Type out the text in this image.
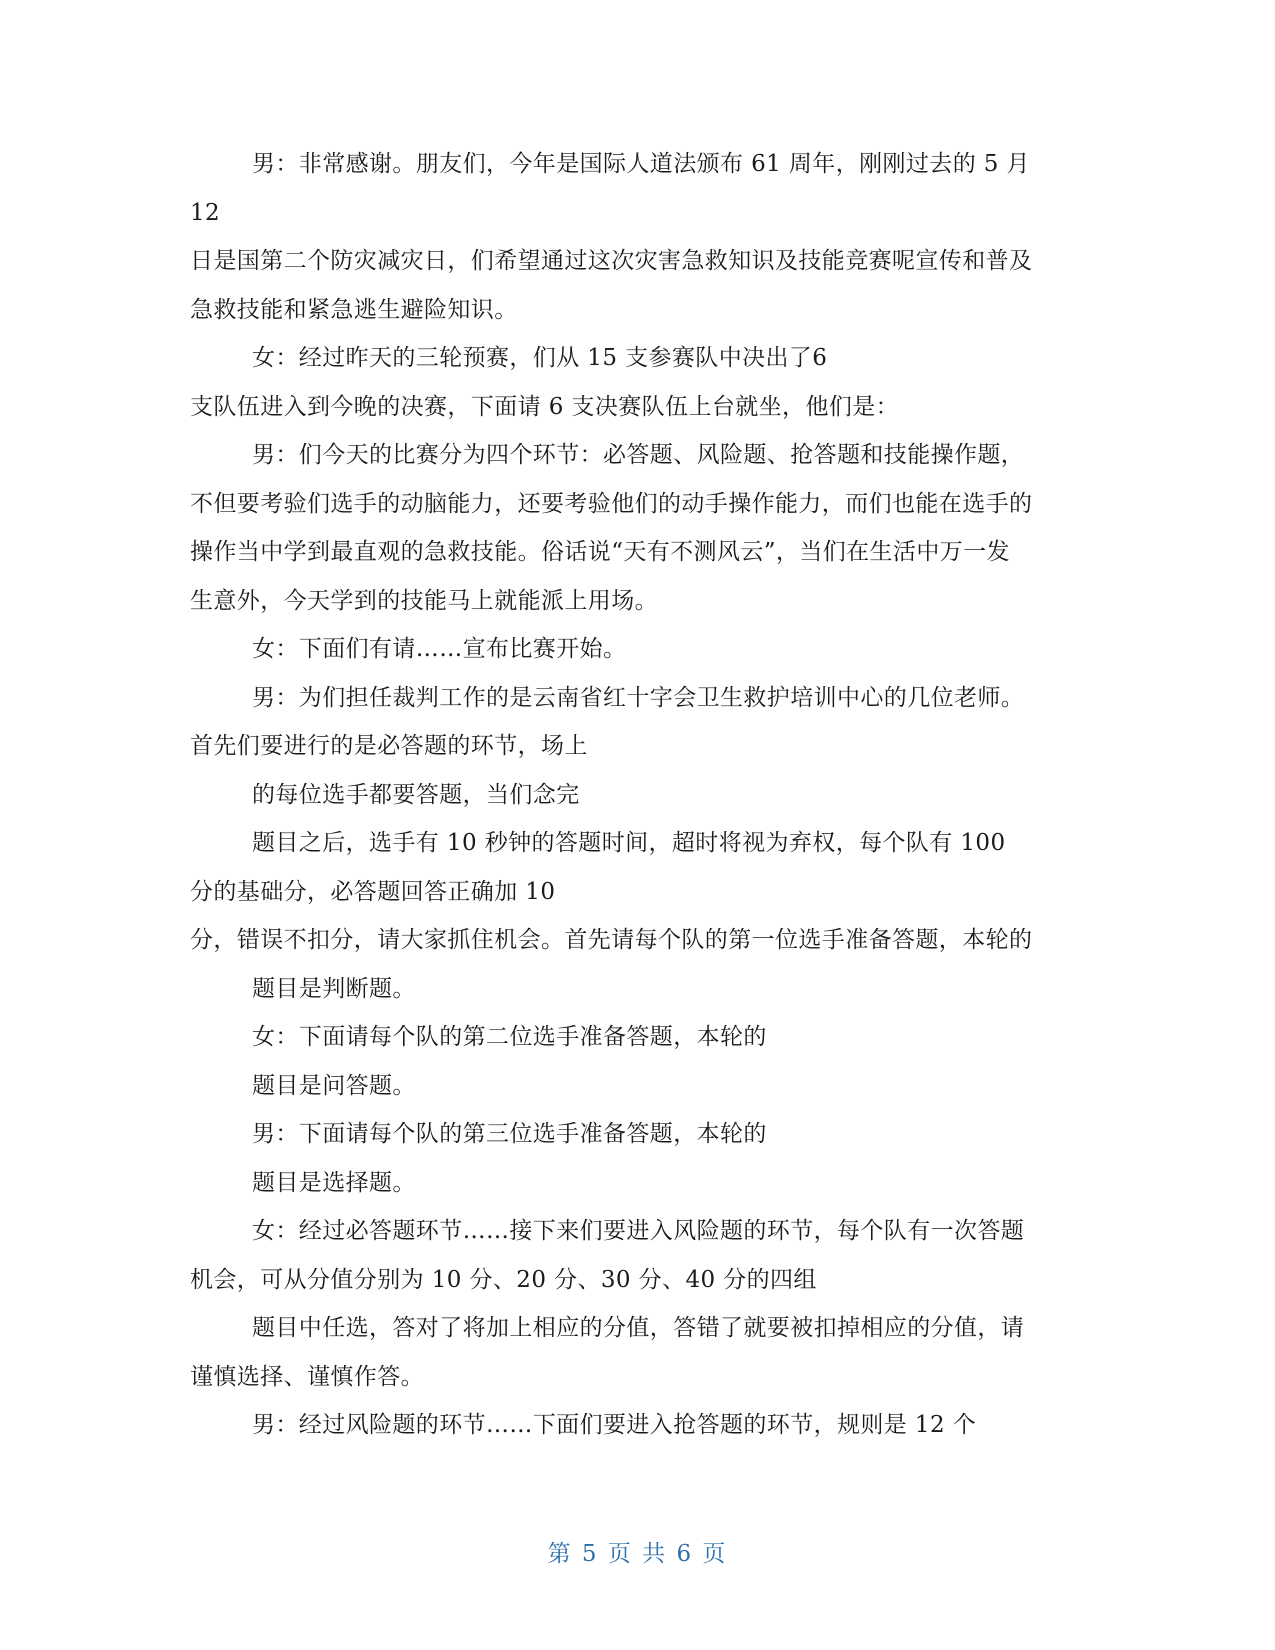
男：非常感谢。朋友们，今年是国际人道法颁布 61 周年，刚刚过去的 5 月
12
日是国第二个防灾减灾日，们希望通过这次灾害急救知识及技能竞赛呢宣传和普及
急救技能和紧急逃生避险知识。
女：经过昨天的三轮预赛，们从 15 支参赛队中决出了6
支队伍进入到今晚的决赛，下面请 6 支决赛队伍上台就坐，他们是：
男：们今天的比赛分为四个环节：必答题、风险题、抢答题和技能操作题，
不但要考验们选手的动脑能力，还要考验他们的动手操作能力，而们也能在选手的
操作当中学到最直观的急救技能。俗话说“天有不测风云”，当们在生活中万一发
生意外，今天学到的技能马上就能派上用场。
女：下面们有请……宣布比赛开始。
男：为们担任裁判工作的是云南省红十字会卫生救护培训中心的几位老师。
首先们要进行的是必答题的环节，场上
的每位选手都要答题，当们念完
题目之后，选手有 10 秒钟的答题时间，超时将视为弃权，每个队有 100
分的基础分，必答题回答正确加 10
分，错误不扣分，请大家抓住机会。首先请每个队的第一位选手准备答题，本轮的
题目是判断题。
女：下面请每个队的第二位选手准备答题，本轮的
题目是问答题。
男：下面请每个队的第三位选手准备答题，本轮的
题目是选择题。
女：经过必答题环节……接下来们要进入风险题的环节，每个队有一次答题
机会，可从分值分别为 10 分、20 分、30 分、40 分的四组
题目中任选，答对了将加上相应的分值，答错了就要被扣掉相应的分值，请
谨慎选择、谨慎作答。
男：经过风险题的环节……下面们要进入抢答题的环节，规则是 12 个
第 5 页 共 6 页
